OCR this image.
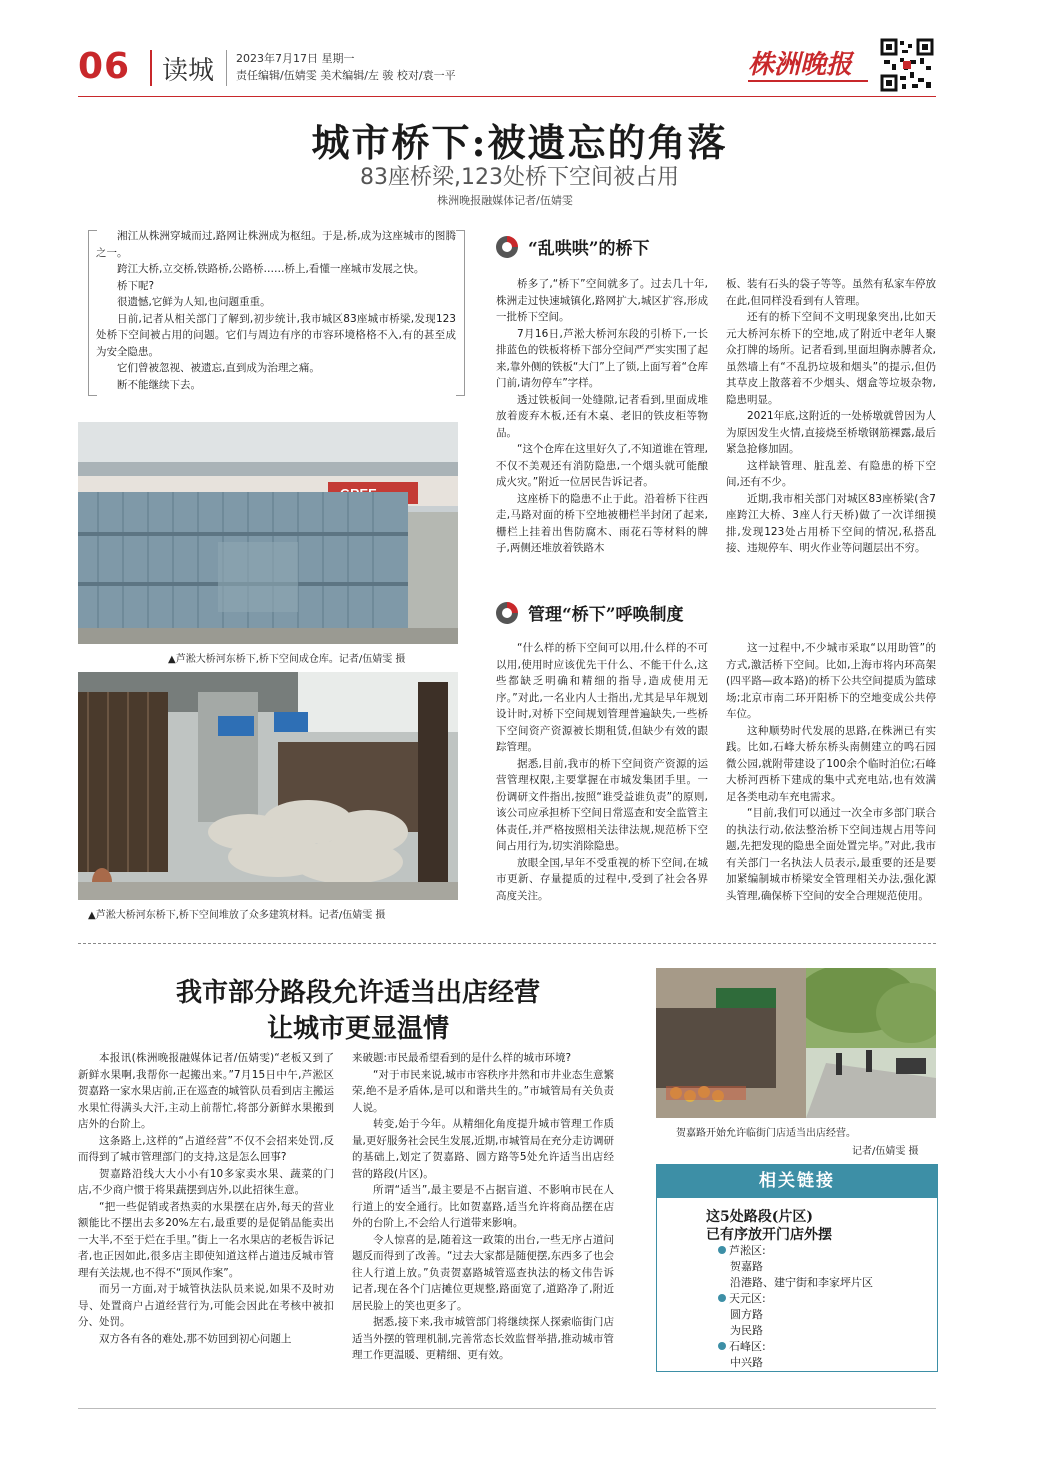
06 读城 2023年7月17日 星期一
责任编辑/伍婧雯 美术编辑/左 骏 校对/袁一平	株洲晚报
城市桥下:被遗忘的角落
83座桥梁,123处桥下空间被占用
株洲晚报融媒体记者/伍婧雯

湘江从株洲穿城而过,路网让株洲成为枢纽。于是,桥,成为这座城市的图腾之一。

跨江大桥,立交桥,铁路桥,公路桥……桥上,看懂一座城市发展之快。

桥下呢?

很遗憾,它鲜为人知,也问题重重。

日前,记者从相关部门了解到,初步统计,我市城区83座城市桥梁,发现123处桥下空间被占用的问题。它们与周边有序的市容环境格格不入,有的甚至成为安全隐患。

它们曾被忽视、被遗忘,直到成为治理之痛。

断不能继续下去。

▲芦淞大桥河东桥下,桥下空间成仓库。记者/伍婧雯 摄
▲芦淞大桥河东桥下,桥下空间堆放了众多建筑材料。记者/伍婧雯 摄
“乱哄哄”的桥下

桥多了,“桥下”空间就多了。过去几十年,株洲走过快速城镇化,路网扩大,城区扩容,形成一批桥下空间。

7月16日,芦淞大桥河东段的引桥下,一长排蓝色的铁板将桥下部分空间严严实实围了起来,靠外侧的铁板“大门”上了锁,上面写着“仓库门前,请勿停车”字样。

透过铁板间一处缝隙,记者看到,里面成堆放着废弃木板,还有木桌、老旧的铁皮柜等物品。

“这个仓库在这里好久了,不知道谁在管理,不仅不美观还有消防隐患,一个烟头就可能酿成火灾。”附近一位居民告诉记者。

这座桥下的隐患不止于此。沿着桥下往西走,马路对面的桥下空地被栅栏半封闭了起来,栅栏上挂着出售防腐木、雨花石等材料的牌子,两侧还堆放着铁路木

板、装有石头的袋子等等。虽然有私家车停放在此,但同样没看到有人管理。

还有的桥下空间不文明现象突出,比如天元大桥河东桥下的空地,成了附近中老年人聚众打牌的场所。记者看到,里面坦胸赤膊者众,虽然墙上有“不乱扔垃圾和烟头”的提示,但仍其草皮上散落着不少烟头、烟盒等垃圾杂物,隐患明显。

2021年底,这附近的一处桥墩就曾因为人为原因发生火情,直接烧至桥墩钢筋裸露,最后紧急抢修加固。

这样缺管理、脏乱差、有隐患的桥下空间,还有不少。

近期,我市相关部门对城区83座桥梁(含7座跨江大桥、3座人行天桥)做了一次详细摸排,发现123处占用桥下空间的情况,私搭乱接、违规停车、明火作业等问题层出不穷。

管理“桥下”呼唤制度

“什么样的桥下空间可以用,什么样的不可以用,使用时应该优先干什么、不能干什么,这些都缺乏明确和精细的指导,造成使用无序。”对此,一名业内人士指出,尤其是早年规划设计时,对桥下空间规划管理普遍缺失,一些桥下空间资产资源被长期租赁,但缺少有效的跟踪管理。

据悉,目前,我市的桥下空间资产资源的运营管理权限,主要掌握在市城发集团手里。一份调研文件指出,按照“谁受益谁负责”的原则,该公司应承担桥下空间日常巡查和安全监管主体责任,并严格按照相关法律法规,规范桥下空间占用行为,切实消除隐患。

放眼全国,早年不受重视的桥下空间,在城市更新、存量提质的过程中,受到了社会各界高度关注。

这一过程中,不少城市采取“以用助管”的方式,激活桥下空间。比如,上海市将内环高架(四平路—政本路)的桥下公共空间提质为篮球场;北京市南二环开阳桥下的空地变成公共停车位。

这种顺势时代发展的思路,在株洲已有实践。比如,石峰大桥东桥头南侧建立的鸣石园微公园,就附带建设了100余个临时泊位;石峰大桥河西桥下建成的集中式充电站,也有效满足各类电动车充电需求。

“目前,我们可以通过一次全市多部门联合的执法行动,依法整治桥下空间违规占用等问题,先把发现的隐患全面处置完毕。”对此,我市有关部门一名执法人员表示,最重要的还是要加紧编制城市桥梁安全管理相关办法,强化源头管理,确保桥下空间的安全合理规范使用。

我市部分路段允许适当出店经营
让城市更显温情

本报讯(株洲晚报融媒体记者/伍婧雯)“老板又到了新鲜水果啊,我帮你一起搬出来。”7月15日中午,芦淞区贺嘉路一家水果店前,正在巡查的城管队员看到店主搬运水果忙得满头大汗,主动上前帮忙,将部分新鲜水果搬到店外的台阶上。

这条路上,这样的“占道经营”不仅不会招来处罚,反而得到了城市管理部门的支持,这是怎么回事?

贺嘉路沿线大大小小有10多家卖水果、蔬菜的门店,不少商户惯于将果蔬摆到店外,以此招徕生意。

“把一些促销或者热卖的水果摆在店外,每天的营业额能比不摆出去多20%左右,最重要的是促销品能卖出一大半,不至于烂在手里。”街上一名水果店的老板告诉记者,也正因如此,很多店主即使知道这样占道违反城市管理有关法规,也不得不“顶风作案”。

而另一方面,对于城管执法队员来说,如果不及时劝导、处置商户占道经营行为,可能会因此在考核中被扣分、处罚。

双方各有各的难处,那不妨回到初心问题上

来破题:市民最希望看到的是什么样的城市环境?

“对于市民来说,城市市容秩序井然和市井业态生意繁荣,绝不是矛盾体,是可以和谐共生的。”市城管局有关负责人说。

转变,始于今年。从精细化角度提升城市管理工作质量,更好服务社会民生发展,近期,市城管局在充分走访调研的基础上,划定了贺嘉路、圆方路等5处允许适当出店经营的路段(片区)。

所谓“适当”,最主要是不占据盲道、不影响市民在人行道上的安全通行。比如贺嘉路,适当允许将商品摆在店外的台阶上,不会给人行道带来影响。

令人惊喜的是,随着这一政策的出台,一些无序占道问题反而得到了改善。“过去大家都是随便摆,东西多了也会往人行道上放。”负责贺嘉路城管巡查执法的杨文伟告诉记者,现在各个门店摊位更规整,路面宽了,道路净了,附近居民脸上的笑也更多了。

据悉,接下来,我市城管部门将继续探人探索临街门店适当外摆的管理机制,完善常态长效监督举措,推动城市管理工作更温暖、更精细、更有效。

贺嘉路开始允许临街门店适当出店经营。
记者/伍婧雯 摄
相关链接
这5处路段(片区)
已有序放开门店外摆
芦淞区:
贺嘉路
沿港路、建宁街和李家坪片区
天元区:
圆方路
为民路
石峰区:
中兴路
